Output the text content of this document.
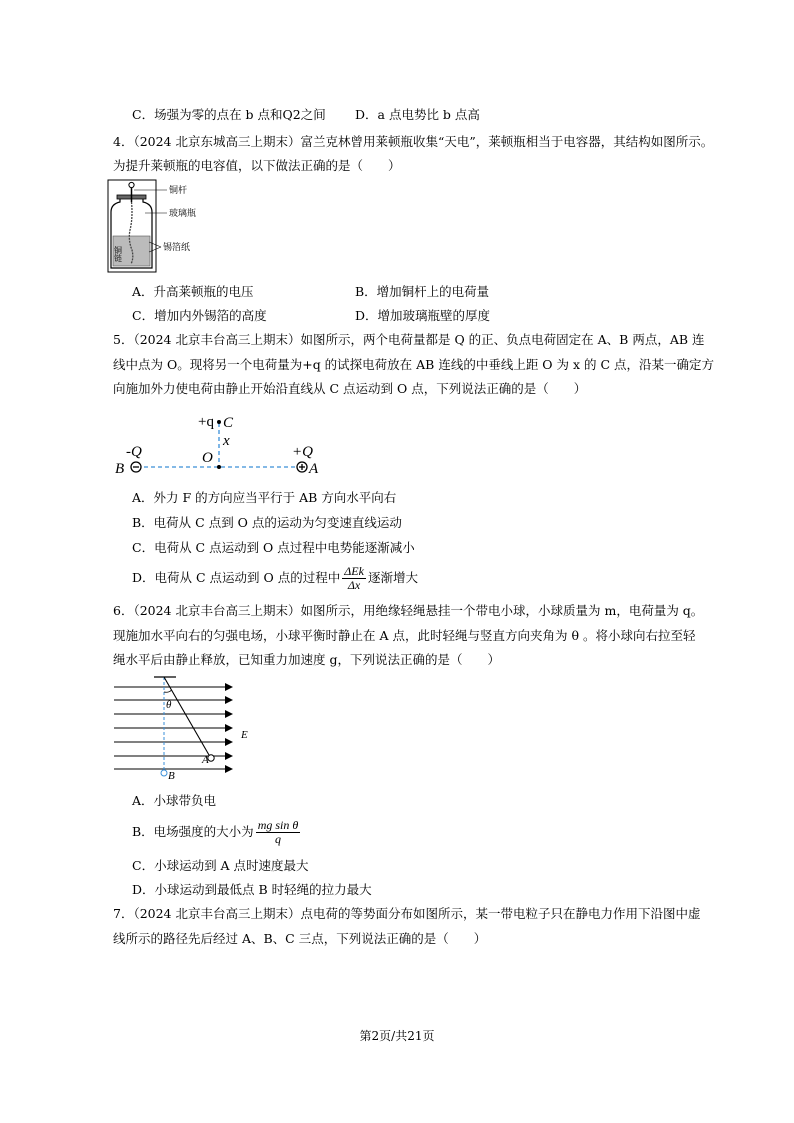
C．场强为零的点在 b 点和Q2之间 D．a 点电势比 b 点高
4．（2024 北京东城高三上期末）富兰克林曾用莱顿瓶收集“天电”，莱顿瓶相当于电容器，其结构如图所示。
为提升莱顿瓶的电容值，以下做法正确的是（　　）
铜杆
玻璃瓶
锡箔纸
铜链
A．升高莱顿瓶的电压	B．增加铜杆上的电荷量
C．增加内外锡箔的高度	D．增加玻璃瓶壁的厚度
5．（2024 北京丰台高三上期末）如图所示，两个电荷量都是 Q 的正、负点电荷固定在 A、B 两点，AB 连
线中点为 O。现将另一个电荷量为+q 的试探电荷放在 AB 连线的中垂线上距 O 为 x 的 C 点，沿某一确定方
向施加外力使电荷由静止开始沿直线从 C 点运动到 O 点，下列说法正确的是（　　）
+q C
x
-Q	+Q
B
O
A
A．外力 F 的方向应当平行于 AB 方向水平向右
B．电荷从 C 点到 O 点的运动为匀变速直线运动
C．电荷从 C 点运动到 O 点过程中电势能逐渐减小
D．电荷从 C 点运动到 O 点的过程中 $\frac{\text{ΔEk}}{\Delta x}$ 逐渐增大
6．（2024 北京丰台高三上期末）如图所示，用绝缘轻绳悬挂一个带电小球，小球质量为 m，电荷量为 q。
现施加水平向右的匀强电场，小球平衡时静止在 A 点，此时轻绳与竖直方向夹角为 θ 。将小球向右拉至轻
绳水平后由静止释放，已知重力加速度 g，下列说法正确的是（　　）
θ
E
A
B
A．小球带负电
B．电场强度的大小为 $\frac{\text{mg sin θ}}{q}$
C．小球运动到 A 点时速度最大
D．小球运动到最低点 B 时轻绳的拉力最大
7．（2024 北京丰台高三上期末）点电荷的等势面分布如图所示，某一带电粒子只在静电力作用下沿图中虚
线所示的路径先后经过 A、B、C 三点，下列说法正确的是（　　）
第2页/共21页
